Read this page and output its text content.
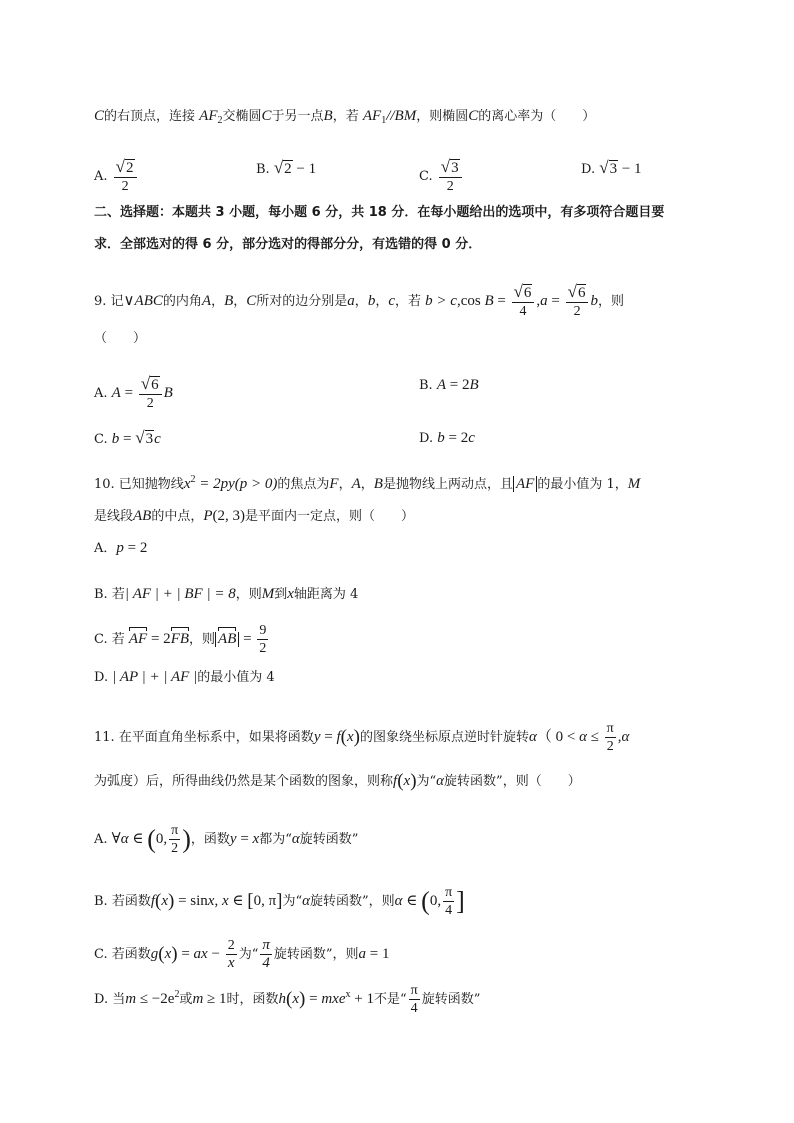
C的右顶点，连接 $AF_2$交椭圆C于另一点B，若 $AF_1//BM$，则椭圆C的离心率为（　　）
A. $\frac{√2}{2}$	B. √2 − 1	C. $\frac{√3}{2}$	D. √3 − 1
二、选择题：本题共 3 小题，每小题 6 分，共 18 分．在每小题给出的选项中，有多项符合题目要
求．全部选对的得 6 分，部分选对的得部分分，有选错的得 0 分．
9. 记∨ABC的内角A，B，C所对的边分别是a，b，c，若 b > c,cos $B = \frac{√6}{4} ,a = \frac{√6}{2}$ b，则
（　　）
A. $A = \frac{√6}{2}$ B	B. A = 2B
C. b = √3c	D. b = 2c
10. 已知抛物线$x^2 = 2py(p > 0)$的焦点为F，A，B是抛物线上两动点，且 AF 的最小值为 1，M
是线段AB的中点，P(2, 3)是平面内一定点，则（　　）
A．p = 2
B. 若| AF | + | BF | = 8，则M到x轴距离为 4
C. 若 AF = 2FB，则 AB = $\frac{9}{2}$
D. | AP | + | AF |的最小值为 4
11. 在平面直角坐标系中，如果将函数y = f(x)的图象绕坐标原点逆时针旋转α（ $0 < \alpha \le \frac{\pi}{2} ,\alpha$
为弧度）后，所得曲线仍然是某个函数的图象，则称f(x)为“α旋转函数”，则（　　）
A. ∀α ∈ (0, $\frac{\pi}{2}$ )，函数y = x都为“α旋转函数”
B. 若函数f(x) = sinx, x ∈ [0, π]为“α旋转函数”，则α ∈ (0, $\frac{\pi}{4}$ ]
C. 若函数g(x) = ax − $\frac{2}{x}$ 为“ $\frac{\pi}{4}$ 旋转函数”，则a = 1
D. 当$m \le -2e^2$或m ≥ 1时，函数h(x) = mxe$^x$ + 1不是“ $\frac{\pi}{4}$ 旋转函数”
